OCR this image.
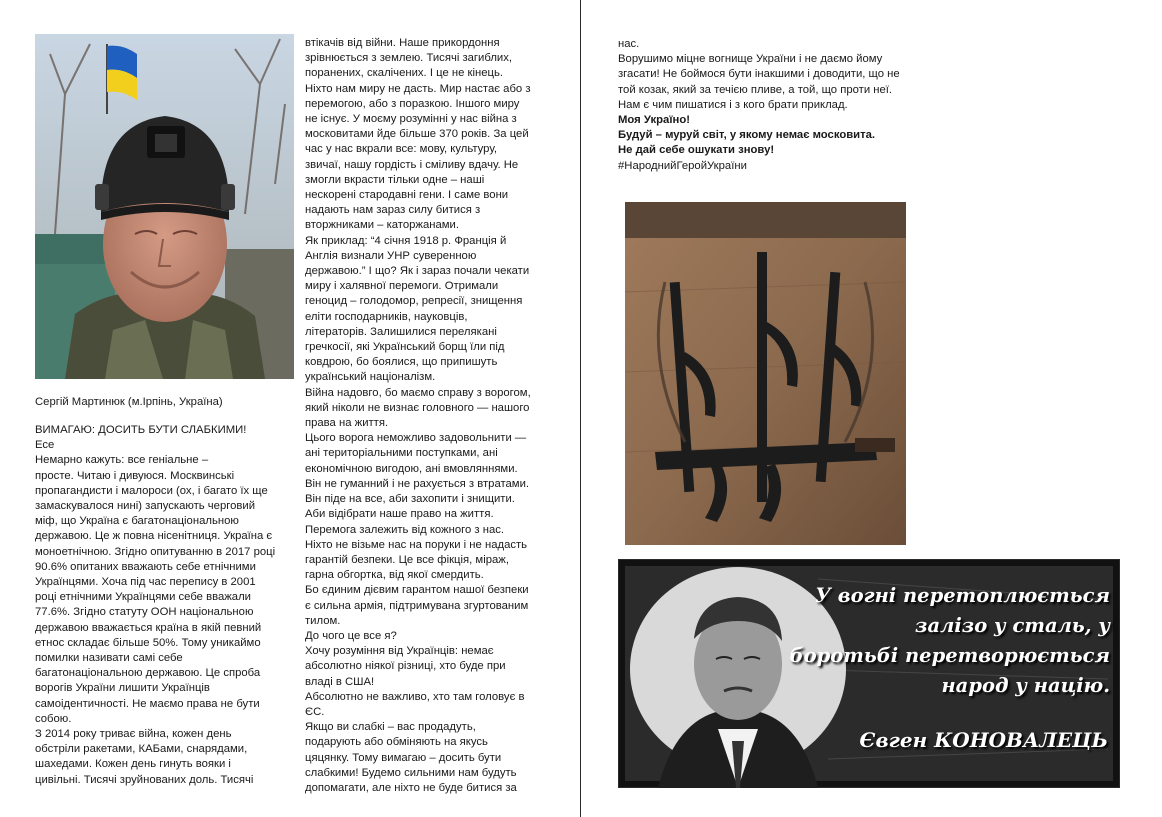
Сергій Мартинюк (м.Ірпінь, Україна)
ВИМАГАЮ: ДОСИТЬ БУТИ СЛАБКИМИ!
Есе
Немарно кажуть: все геніальне –
просте. Читаю і дивуюся. Москвинські
пропагандисти і малороси (ох, і багато їх ще
замаскувалося нині) запускають черговий
міф, що Україна є багатонаціональною
державою. Це ж повна нісенітниця. Україна є
моноетнічною. Згідно опитуванню в 2017 році
90.6% опитаних вважають себе етнічними
Українцями. Хоча під час перепису в 2001
році етнічними Українцями себе вважали
77.6%. Згідно статуту ООН національною
державою вважається країна в якій певний
етнос складає більше 50%. Тому уникаймо
помилки називати самі себе
багатонаціональною державою. Це спроба
ворогів України лишити Українців
самоідентичності. Не маємо права не бути
собою.
З 2014 року триває війна, кожен день
обстріли ракетами, КАБами, снарядами,
шахедами. Кожен день гинуть вояки і
цивільні. Тисячі зруйнованих доль. Тисячі
втікачів від війни. Наше прикордоння
зрівнюється з землею. Тисячі загиблих,
поранених, скалічених. І це не кінець.
Ніхто нам миру не дасть. Мир настає або з
перемогою, або з поразкою. Іншого миру
не існує. У моєму розумінні у нас війна з
московитами йде більше 370 років. За цей
час у нас вкрали все: мову, культуру,
звичаї, нашу гордість і сміливу вдачу. Не
змогли вкрасти тільки одне – наші
нескорені стародавні гени. І саме вони
надають нам зараз силу битися з
вторжниками – каторжанами.
Як приклад: “4 січня 1918 р. Франція й
Англія визнали УНР суверенною
державою.” І що? Як і зараз почали чекати
миру і халявної перемоги. Отримали
геноцид – голодомор, репресії, знищення
еліти господарників, науковців,
літераторів. Залишилися перелякані
гречкосії, які Український борщ їли під
ковдрою, бо боялися, що припишуть
український націоналізм.
Війна надовго, бо маємо справу з ворогом,
який ніколи не визнає головного — нашого
права на життя.
Цього ворога неможливо задовольнити —
ані територіальними поступками, ані
економічною вигодою, ані вмовляннями.
Він не гуманний і не рахується з втратами.
Він піде на все, аби захопити і знищити.
Аби відібрати наше право на життя.
Перемога залежить від кожного з нас.
Ніхто не візьме нас на поруки і не надасть
гарантій безпеки. Це все фікція, міраж,
гарна обгортка, від якої смердить.
Бо єдиним дієвим гарантом нашої безпеки
є сильна армія, підтримувана згуртованим
тилом.
До чого це все я?
Хочу розуміння від Українців: немає
абсолютно ніякої різниці, хто буде при
владі в США!
Абсолютно не важливо, хто там головує в
ЄС.
Якщо ви слабкі – вас продадуть,
подарують або обміняють на якусь
цяцянку. Тому вимагаю – досить бути
слабкими! Будемо сильними нам будуть
допомагати, але ніхто не буде битися за
нас.
Ворушимо міцне вогнище України і не даємо йому
згасати! Не боймося бути інакшими і доводити, що не
той козак, який за течією пливе, а той, що проти неї.
Нам є чим пишатися і з кого брати приклад.
Моя Україно!
Будуй – муруй світ, у якому немає московита.
Не дай себе ошукати знову!
#НароднийГеройУкраїни
У вогні перетоплюється
залізо у сталь, у
боротьбі перетворюється
народ у націю.
Євген КОНОВАЛЕЦЬ
